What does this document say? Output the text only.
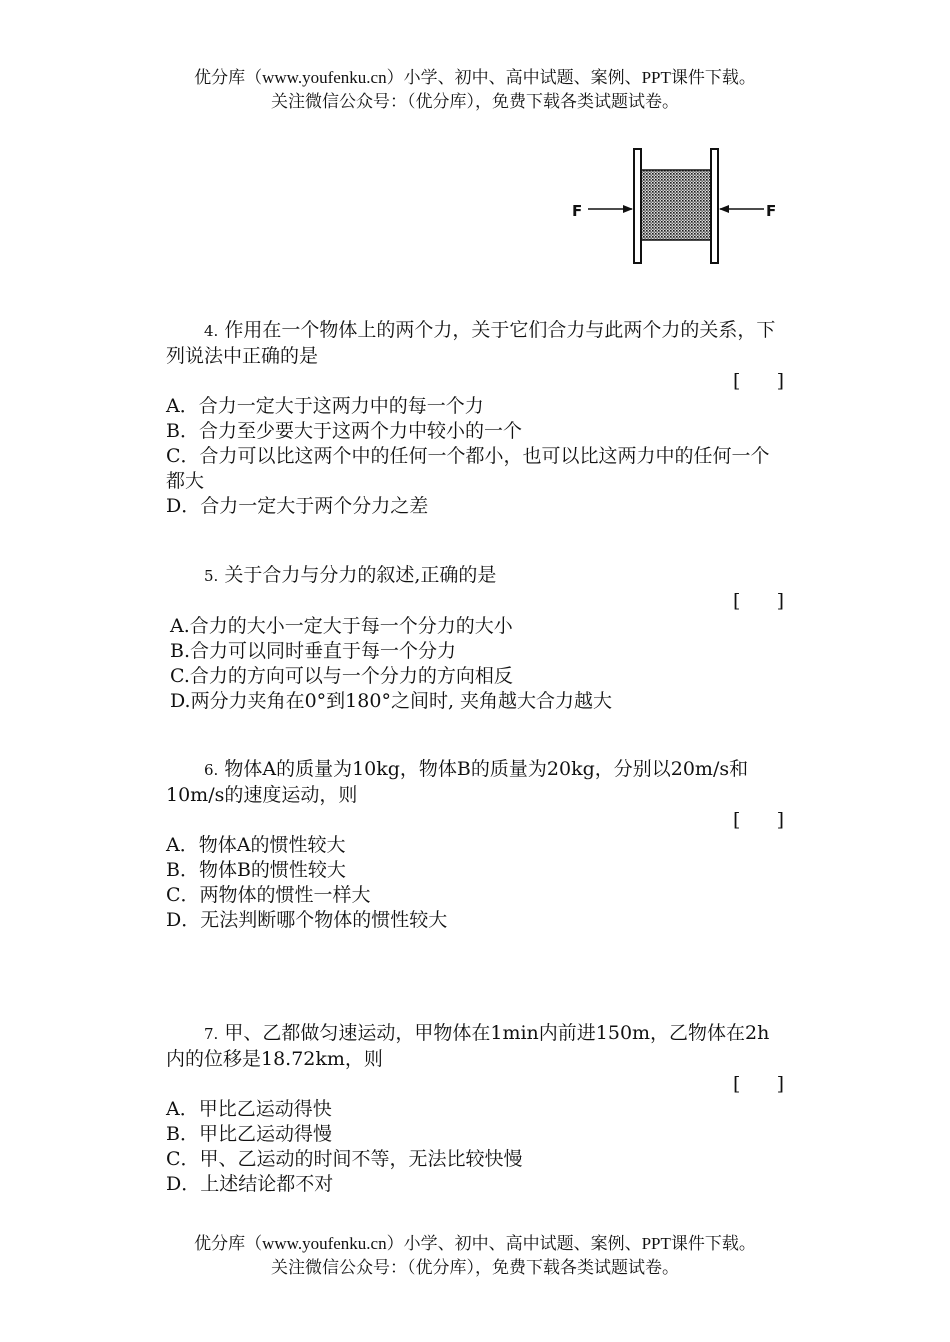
优分库（www.youfenku.cn）小学、初中、高中试题、案例、PPT课件下载。
关注微信公众号：（优分库），免费下载各类试题试卷。
F	F

4. 作用在一个物体上的两个力，关于它们合力与此两个力的关系，下列说法中正确的是

[      ]
A．合力一定大于这两力中的每一个力
B．合力至少要大于这两个力中较小的一个
C．合力可以比这两个中的任何一个都小，也可以比这两力中的任何一个都大
D．合力一定大于两个分力之差

5. 关于合力与分力的叙述,正确的是

[      ]
A.合力的大小一定大于每一个分力的大小
B.合力可以同时垂直于每一个分力
C.合力的方向可以与一个分力的方向相反
D.两分力夹角在0°到180°之间时, 夹角越大合力越大

6. 物体A的质量为10kg，物体B的质量为20kg，分别以20m/s和10m/s的速度运动，则

[      ]
A．物体A的惯性较大
B．物体B的惯性较大
C．两物体的惯性一样大
D．无法判断哪个物体的惯性较大

7. 甲、乙都做匀速运动，甲物体在1min内前进150m，乙物体在2h内的位移是18.72km，则

[      ]
A．甲比乙运动得快
B．甲比乙运动得慢
C．甲、乙运动的时间不等，无法比较快慢
D．上述结论都不对
优分库（www.youfenku.cn）小学、初中、高中试题、案例、PPT课件下载。
关注微信公众号：（优分库），免费下载各类试题试卷。
